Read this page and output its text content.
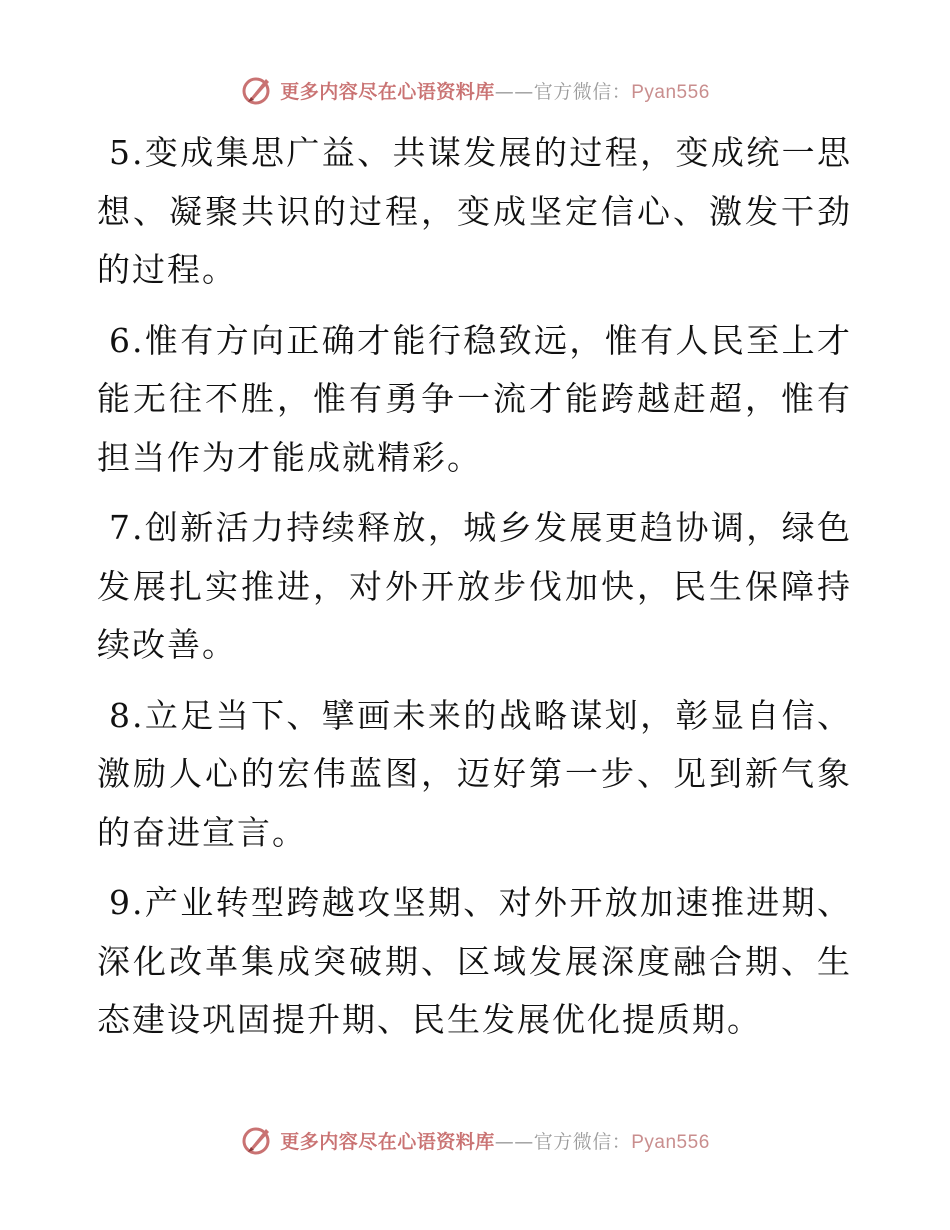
更多内容尽在心语资料库——官方微信：Pyan556

5.变成集思广益、共谋发展的过程，变成统一思想、凝聚共识的过程，变成坚定信心、激发干劲的过程。

6.惟有方向正确才能行稳致远，惟有人民至上才能无往不胜，惟有勇争一流才能跨越赶超，惟有担当作为才能成就精彩。

7.创新活力持续释放，城乡发展更趋协调，绿色发展扎实推进，对外开放步伐加快，民生保障持续改善。

8.立足当下、擘画未来的战略谋划，彰显自信、激励人心的宏伟蓝图，迈好第一步、见到新气象的奋进宣言。

9.产业转型跨越攻坚期、对外开放加速推进期、深化改革集成突破期、区域发展深度融合期、生态建设巩固提升期、民生发展优化提质期。

更多内容尽在心语资料库——官方微信：Pyan556
